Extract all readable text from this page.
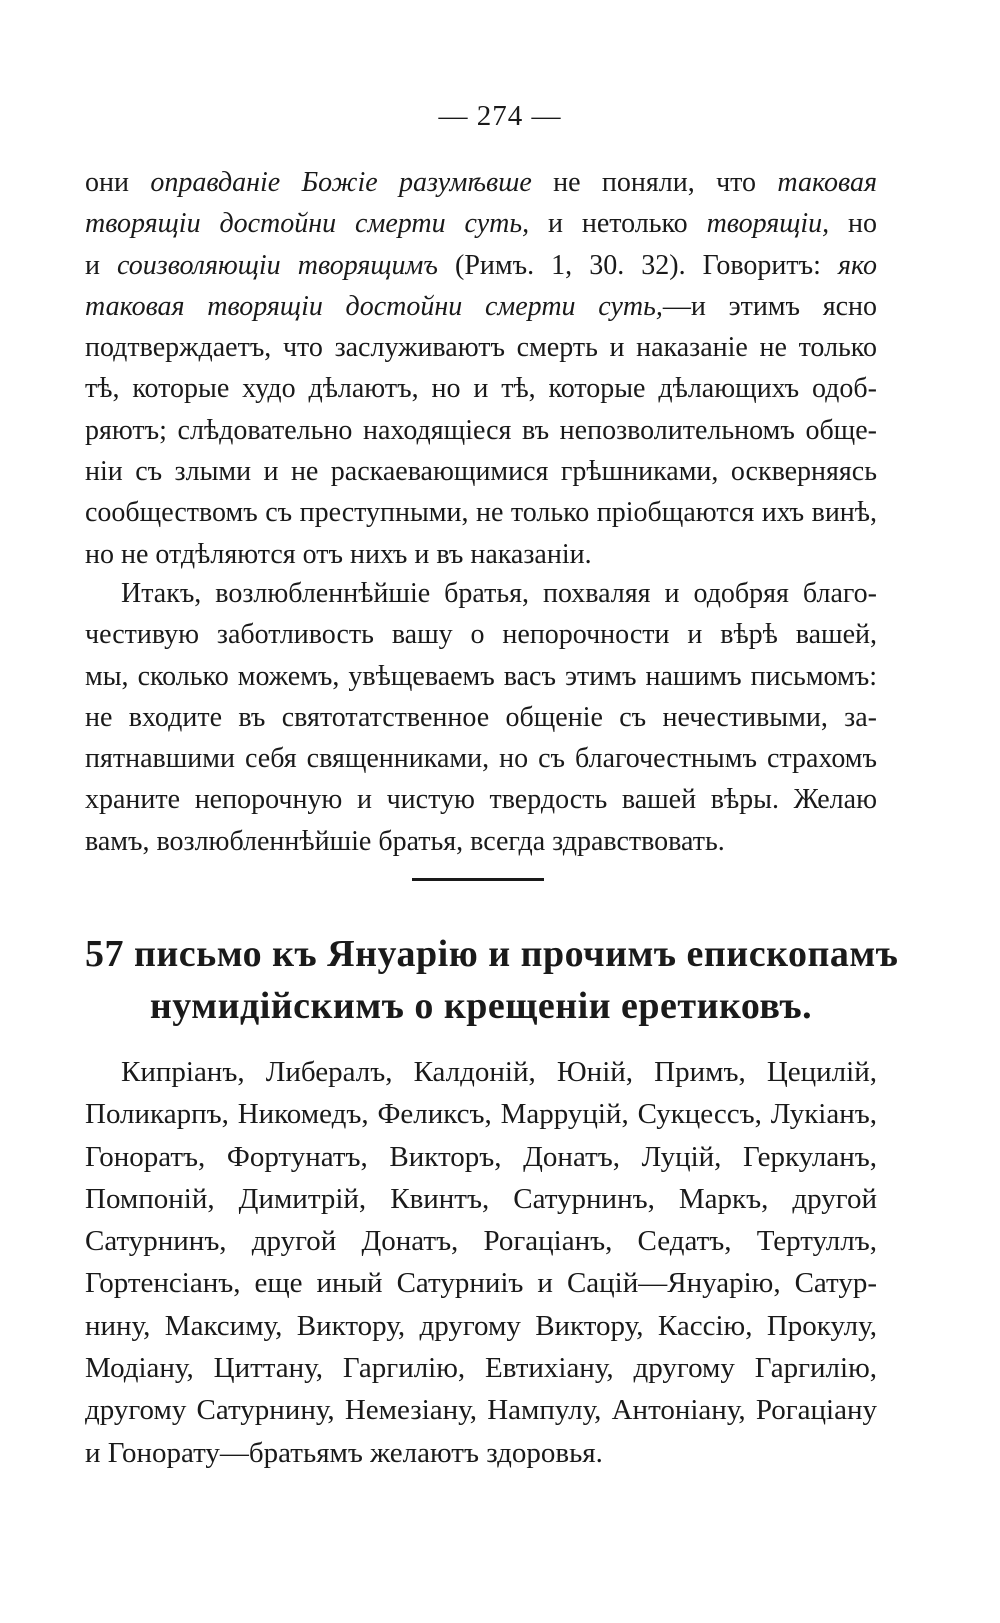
— 274 —
они оправданіе Божіе разумѣвше не поняли, что таковая
творящіи достойни смерти суть, и нетолько творящіи, но
и соизволяющіи творящимъ (Римъ. 1, 30. 32). Говоритъ: яко
таковая творящіи достойни смерти суть,—и этимъ ясно
подтверждаетъ, что заслуживаютъ смерть и наказаніе не только
тѣ, которые худо дѣлаютъ, но и тѣ, которые дѣлающихъ одоб-
ряютъ; слѣдовательно находящіеся въ непозволительномъ обще-
ніи съ злыми и не раскаевающимися грѣшниками, оскверняясь
сообществомъ съ преступными, не только пріобщаются ихъ винѣ,
но не отдѣляются отъ нихъ и въ наказаніи.
Итакъ, возлюбленнѣйшіе братья, похваляя и одобряя благо-
честивую заботливость вашу о непорочности и вѣрѣ вашей,
мы, сколько можемъ, увѣщеваемъ васъ этимъ нашимъ письмомъ:
не входите въ святотатственное общеніе съ нечестивыми, за-
пятнавшими себя священниками, но съ благочестнымъ страхомъ
храните непорочную и чистую твердость вашей вѣры. Желаю
вамъ, возлюбленнѣйшіе братья, всегда здравствовать.
57 письмо къ Януарію и прочимъ епископамъ
нумидійскимъ о крещеніи еретиковъ.
Кипріанъ, Либералъ, Калдоній, Юній, Примъ, Цецилій,
Поликарпъ, Никомедъ, Феликсъ, Марруцій, Сукцессъ, Лукіанъ,
Гоноратъ, Фортунатъ, Викторъ, Донатъ, Луцій, Геркуланъ,
Помпоній, Димитрій, Квинтъ, Сатурнинъ, Маркъ, другой
Сатурнинъ, другой Донатъ, Рогаціанъ, Седатъ, Тертуллъ,
Гортенсіанъ, еще иный Сатурниiъ и Сацій—Януарію, Сатур-
нину, Максиму, Виктору, другому Виктору, Кассію, Прокулу,
Модіану, Циттану, Гаргилію, Евтихіану, другому Гаргилію,
другому Сатурнину, Немезіану, Нампулу, Антоніану, Рогаціану
и Гонорату—братьямъ желаютъ здоровья.
